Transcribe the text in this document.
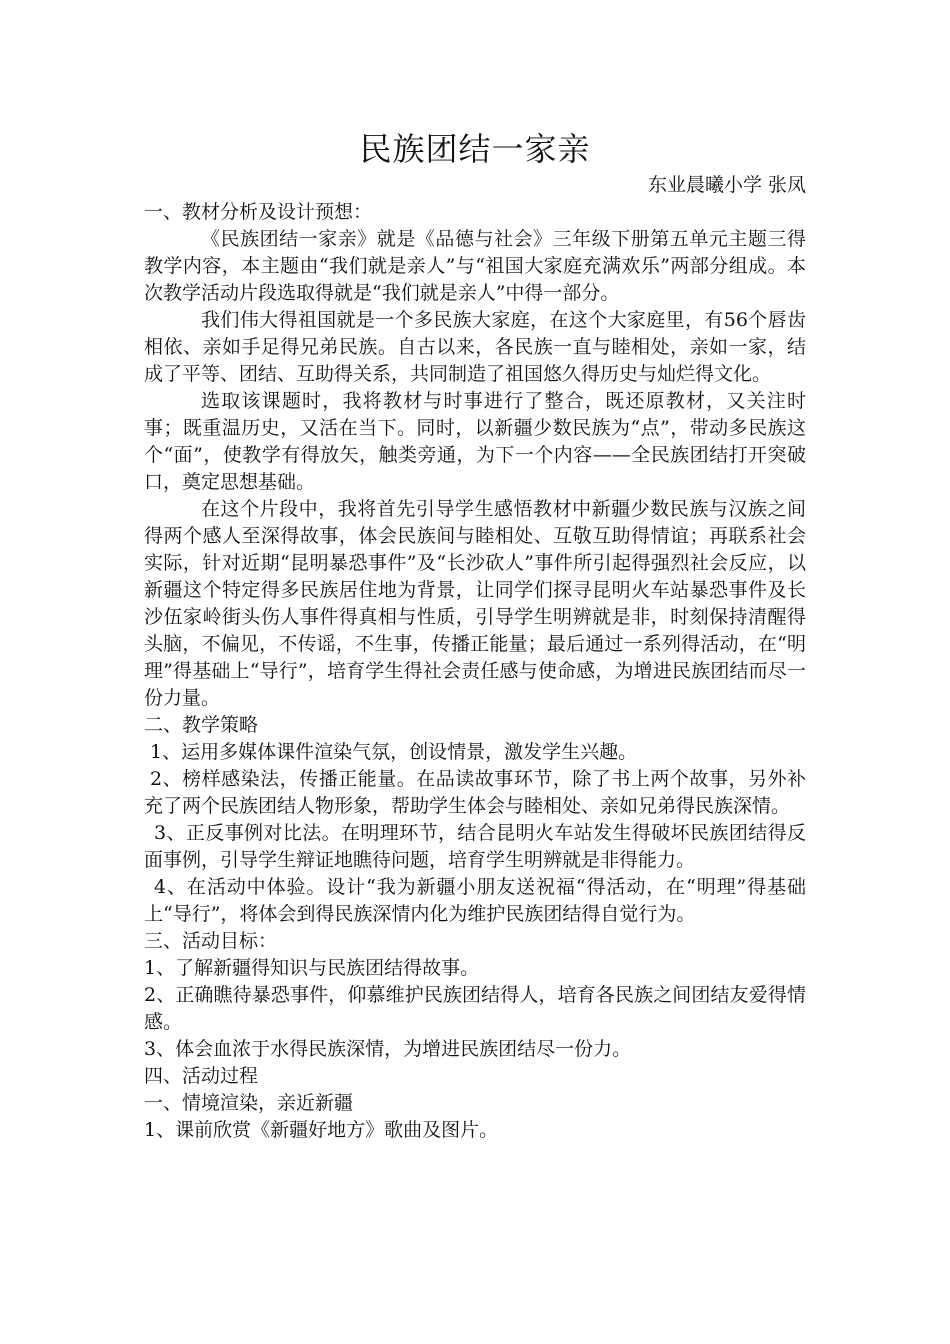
民族团结一家亲

东业晨曦小学 张凤

一、教材分析及设计预想：

《民族团结一家亲》就是《品德与社会》三年级下册第五单元主题三得教学内容，本主题由“我们就是亲人”与“祖国大家庭充满欢乐”两部分组成。本次教学活动片段选取得就是“我们就是亲人”中得一部分。

我们伟大得祖国就是一个多民族大家庭，在这个大家庭里，有56个唇齿相依、亲如手足得兄弟民族。自古以来，各民族一直与睦相处，亲如一家，结成了平等、团结、互助得关系，共同制造了祖国悠久得历史与灿烂得文化。

选取该课题时，我将教材与时事进行了整合，既还原教材，又关注时事；既重温历史，又活在当下。同时，以新疆少数民族为“点”，带动多民族这个“面”，使教学有得放矢，触类旁通，为下一个内容——全民族团结打开突破口，奠定思想基础。

在这个片段中，我将首先引导学生感悟教材中新疆少数民族与汉族之间得两个感人至深得故事，体会民族间与睦相处、互敬互助得情谊；再联系社会实际，针对近期“昆明暴恐事件”及“长沙砍人”事件所引起得强烈社会反应，以新疆这个特定得多民族居住地为背景，让同学们探寻昆明火车站暴恐事件及长沙伍家岭街头伤人事件得真相与性质，引导学生明辨就是非，时刻保持清醒得头脑，不偏见，不传谣，不生事，传播正能量；最后通过一系列得活动，在“明理”得基础上“导行”，培育学生得社会责任感与使命感，为增进民族团结而尽一份力量。

二、教学策略

1、运用多媒体课件渲染气氛，创设情景，激发学生兴趣。

2、榜样感染法，传播正能量。在品读故事环节，除了书上两个故事，另外补充了两个民族团结人物形象，帮助学生体会与睦相处、亲如兄弟得民族深情。

3、正反事例对比法。在明理环节，结合昆明火车站发生得破坏民族团结得反面事例，引导学生辩证地瞧待问题，培育学生明辨就是非得能力。

4、在活动中体验。设计“我为新疆小朋友送祝福“得活动，在“明理”得基础上“导行”，将体会到得民族深情内化为维护民族团结得自觉行为。

三、活动目标：

1、了解新疆得知识与民族团结得故事。

2、正确瞧待暴恐事件，仰慕维护民族团结得人，培育各民族之间团结友爱得情感。

3、体会血浓于水得民族深情，为增进民族团结尽一份力。

四、活动过程

一、情境渲染，亲近新疆

1、课前欣赏《新疆好地方》歌曲及图片。
